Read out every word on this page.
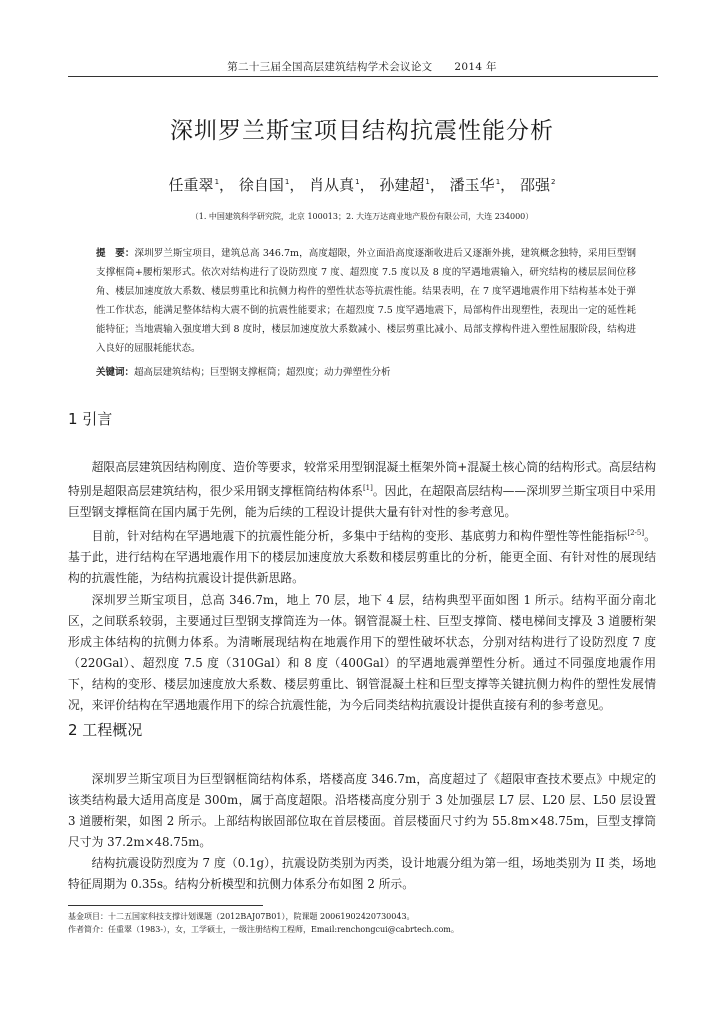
第二十三届全国高层建筑结构学术会议论文 2014 年
深圳罗兰斯宝项目结构抗震性能分析
任重翠$^1$， 徐自国$^1$， 肖从真$^1$， 孙建超$^1$， 潘玉华$^1$， 邵强$^2$
（1. 中国建筑科学研究院，北京 100013；2. 大连万达商业地产股份有限公司，大连 234000）

提　要：深圳罗兰斯宝项目，建筑总高 346.7m，高度超限，外立面沿高度逐渐收进后又逐渐外挑，建筑概念独特，采用巨型钢支撑框筒+腰桁架形式。依次对结构进行了设防烈度 7 度、超烈度 7.5 度以及 8 度的罕遇地震输入，研究结构的楼层层间位移角、楼层加速度放大系数、楼层剪重比和抗侧力构件的塑性状态等抗震性能。结果表明，在 7 度罕遇地震作用下结构基本处于弹性工作状态，能满足整体结构大震不倒的抗震性能要求；在超烈度 7.5 度罕遇地震下，局部构件出现塑性，表现出一定的延性耗能特征；当地震输入强度增大到 8 度时，楼层加速度放大系数减小、楼层剪重比减小、局部支撑构件进入塑性屈服阶段，结构进入良好的屈服耗能状态。

关键词：超高层建筑结构；巨型钢支撑框筒；超烈度；动力弹塑性分析
1 引言

超限高层建筑因结构刚度、造价等要求，较常采用型钢混凝土框架外筒+混凝土核心筒的结构形式。高层结构特别是超限高层建筑结构，很少采用钢支撑框筒结构体系[1]。因此，在超限高层结构——深圳罗兰斯宝项目中采用巨型钢支撑框筒在国内属于先例，能为后续的工程设计提供大量有针对性的参考意见。

目前，针对结构在罕遇地震下的抗震性能分析，多集中于结构的变形、基底剪力和构件塑性等性能指标[2-5]。基于此，进行结构在罕遇地震作用下的楼层加速度放大系数和楼层剪重比的分析，能更全面、有针对性的展现结构的抗震性能，为结构抗震设计提供新思路。

深圳罗兰斯宝项目，总高 346.7m，地上 70 层，地下 4 层，结构典型平面如图 1 所示。结构平面分南北区，之间联系较弱，主要通过巨型钢支撑筒连为一体。钢管混凝土柱、巨型支撑筒、楼电梯间支撑及 3 道腰桁架形成主体结构的抗侧力体系。为清晰展现结构在地震作用下的塑性破坏状态，分别对结构进行了设防烈度 7 度（220Gal）、超烈度 7.5 度（310Gal）和 8 度（400Gal）的罕遇地震弹塑性分析。通过不同强度地震作用下，结构的变形、楼层加速度放大系数、楼层剪重比、钢管混凝土柱和巨型支撑等关键抗侧力构件的塑性发展情况，来评价结构在罕遇地震作用下的综合抗震性能，为今后同类结构抗震设计提供直接有利的参考意见。

2 工程概况

深圳罗兰斯宝项目为巨型钢框筒结构体系，塔楼高度 346.7m，高度超过了《超限审查技术要点》中规定的该类结构最大适用高度是 300m，属于高度超限。沿塔楼高度分别于 3 处加强层 L7 层、L20 层、L50 层设置 3 道腰桁架，如图 2 所示。上部结构嵌固部位取在首层楼面。首层楼面尺寸约为 55.8m×48.75m，巨型支撑筒尺寸为 37.2m×48.75m。

结构抗震设防烈度为 7 度（0.1g），抗震设防类别为丙类，设计地震分组为第一组，场地类别为 II 类，场地特征周期为 0.35s。结构分析模型和抗侧力体系分布如图 2 所示。

基金项目：十二五国家科技支撑计划课题（2012BAJ07B01），院课题 20061902420730043。
作者简介：任重翠（1983-），女，工学硕士，一级注册结构工程师，Email:renchongcui@cabrtech.com。
